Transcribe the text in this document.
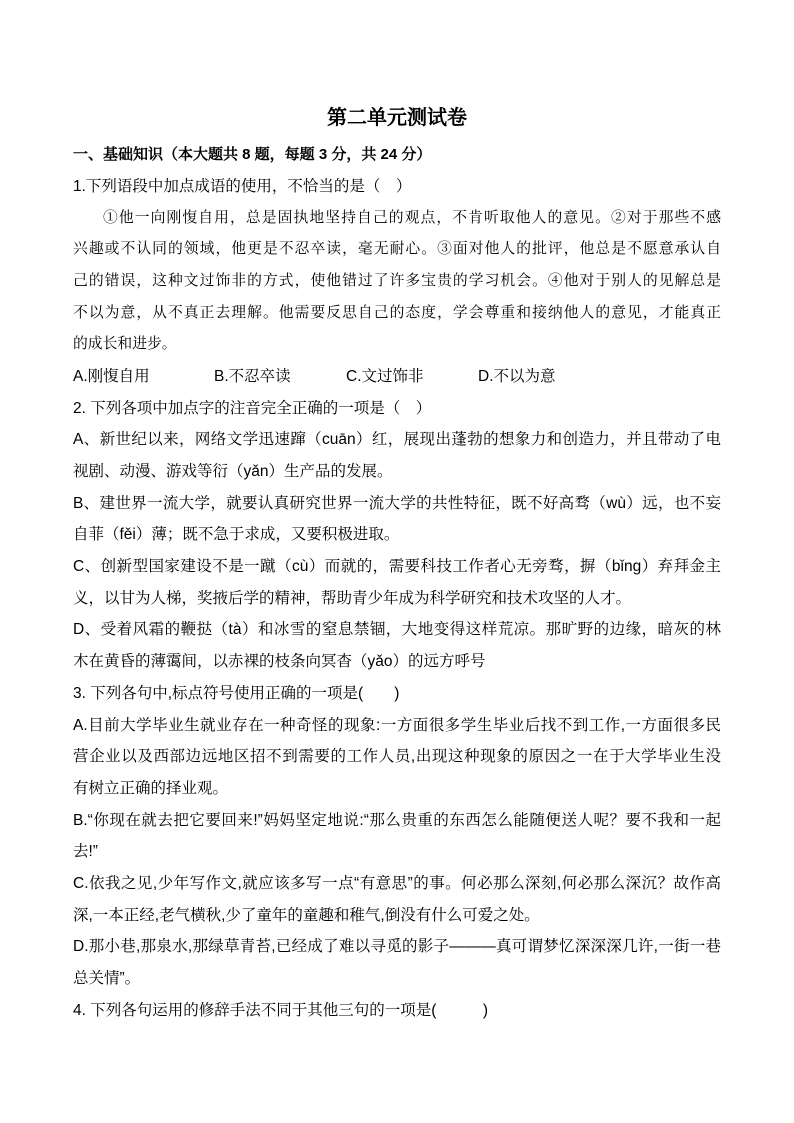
第二单元测试卷
一、基础知识（本大题共 8 题，每题 3 分，共 24 分）
1.下列语段中加点成语的使用，不恰当的是（　）
①他一向刚愎自用，总是固执地坚持自己的观点，不肯听取他人的意见。②对于那些不感
兴趣或不认同的领域，他更是不忍卒读，毫无耐心。③面对他人的批评，他总是不愿意承认自
己的错误，这种文过饰非的方式，使他错过了许多宝贵的学习机会。④他对于别人的见解总是
不以为意，从不真正去理解。他需要反思自己的态度，学会尊重和接纳他人的意见，才能真正
的成长和进步。
A.刚愎自用	B.不忍卒读	C.文过饰非	D.不以为意
2. 下列各项中加点字的注音完全正确的一项是（　）
A、新世纪以来，网络文学迅速蹿（cuān）红，展现出蓬勃的想象力和创造力，并且带动了电
视剧、动漫、游戏等衍（yǎn）生产品的发展。
B、建世界一流大学，就要认真研究世界一流大学的共性特征，既不好高骛（wù）远，也不妄
自菲（fěi）薄；既不急于求成，又要积极进取。
C、创新型国家建设不是一蹴（cù）而就的，需要科技工作者心无旁骛，摒（bǐng）弃拜金主
义，以甘为人梯，奖掖后学的精神，帮助青少年成为科学研究和技术攻坚的人才。
D、受着风霜的鞭挞（tà）和冰雪的窒息禁锢，大地变得这样荒凉。那旷野的边缘，暗灰的林
木在黄昏的薄霭间，以赤裸的枝条向冥杳（yǎo）的远方呼号
3. 下列各句中,标点符号使用正确的一项是(　　)
A.目前大学毕业生就业存在一种奇怪的现象:一方面很多学生毕业后找不到工作,一方面很多民
营企业以及西部边远地区招不到需要的工作人员,出现这种现象的原因之一在于大学毕业生没
有树立正确的择业观。
B.“你现在就去把它要回来!”妈妈坚定地说:“那么贵重的东西怎么能随便送人呢？要不我和一起
去!”
C.依我之见,少年写作文,就应该多写一点“有意思”的事。何必那么深刻,何必那么深沉？故作高
深,一本正经,老气横秋,少了童年的童趣和稚气,倒没有什么可爱之处。
D.那小巷,那泉水,那绿草青苔,已经成了难以寻觅的影子———真可谓梦忆深深深几许,一街一巷
总关情”。
4. 下列各句运用的修辞手法不同于其他三句的一项是(　　　)
